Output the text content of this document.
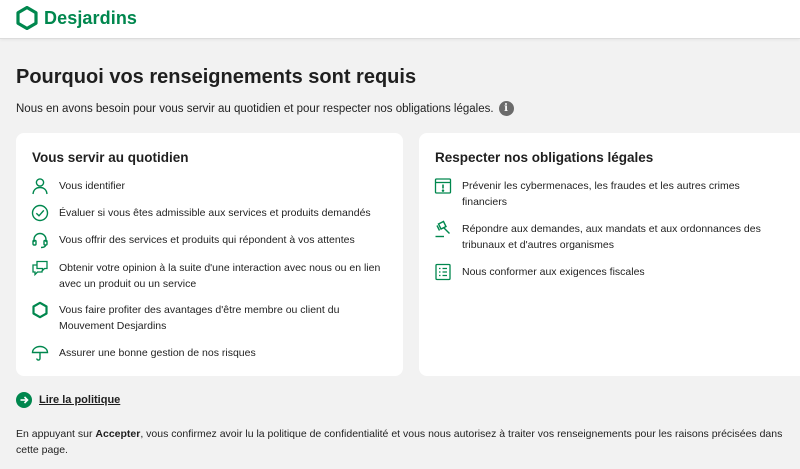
Desjardins
Pourquoi vos renseignements sont requis
Nous en avons besoin pour vous servir au quotidien et pour respecter nos obligations légales.	i
Vous servir au quotidien
Vous identifier
Évaluer si vous êtes admissible aux services et produits demandés
Vous offrir des services et produits qui répondent à vos attentes
Obtenir votre opinion à la suite d'une interaction avec nous ou en lien avec un produit ou un service
Vous faire profiter des avantages d'être membre ou client du Mouvement Desjardins
Assurer une bonne gestion de nos risques
Respecter nos obligations légales
Prévenir les cybermenaces, les fraudes et les autres crimes financiers
Répondre aux demandes, aux mandats et aux ordonnances des tribunaux et d'autres organismes
Nous conformer aux exigences fiscales
Lire la politique
En appuyant sur Accepter, vous confirmez avoir lu la politique de confidentialité et vous nous autorisez à traiter vos renseignements pour les raisons précisées dans cette page.
